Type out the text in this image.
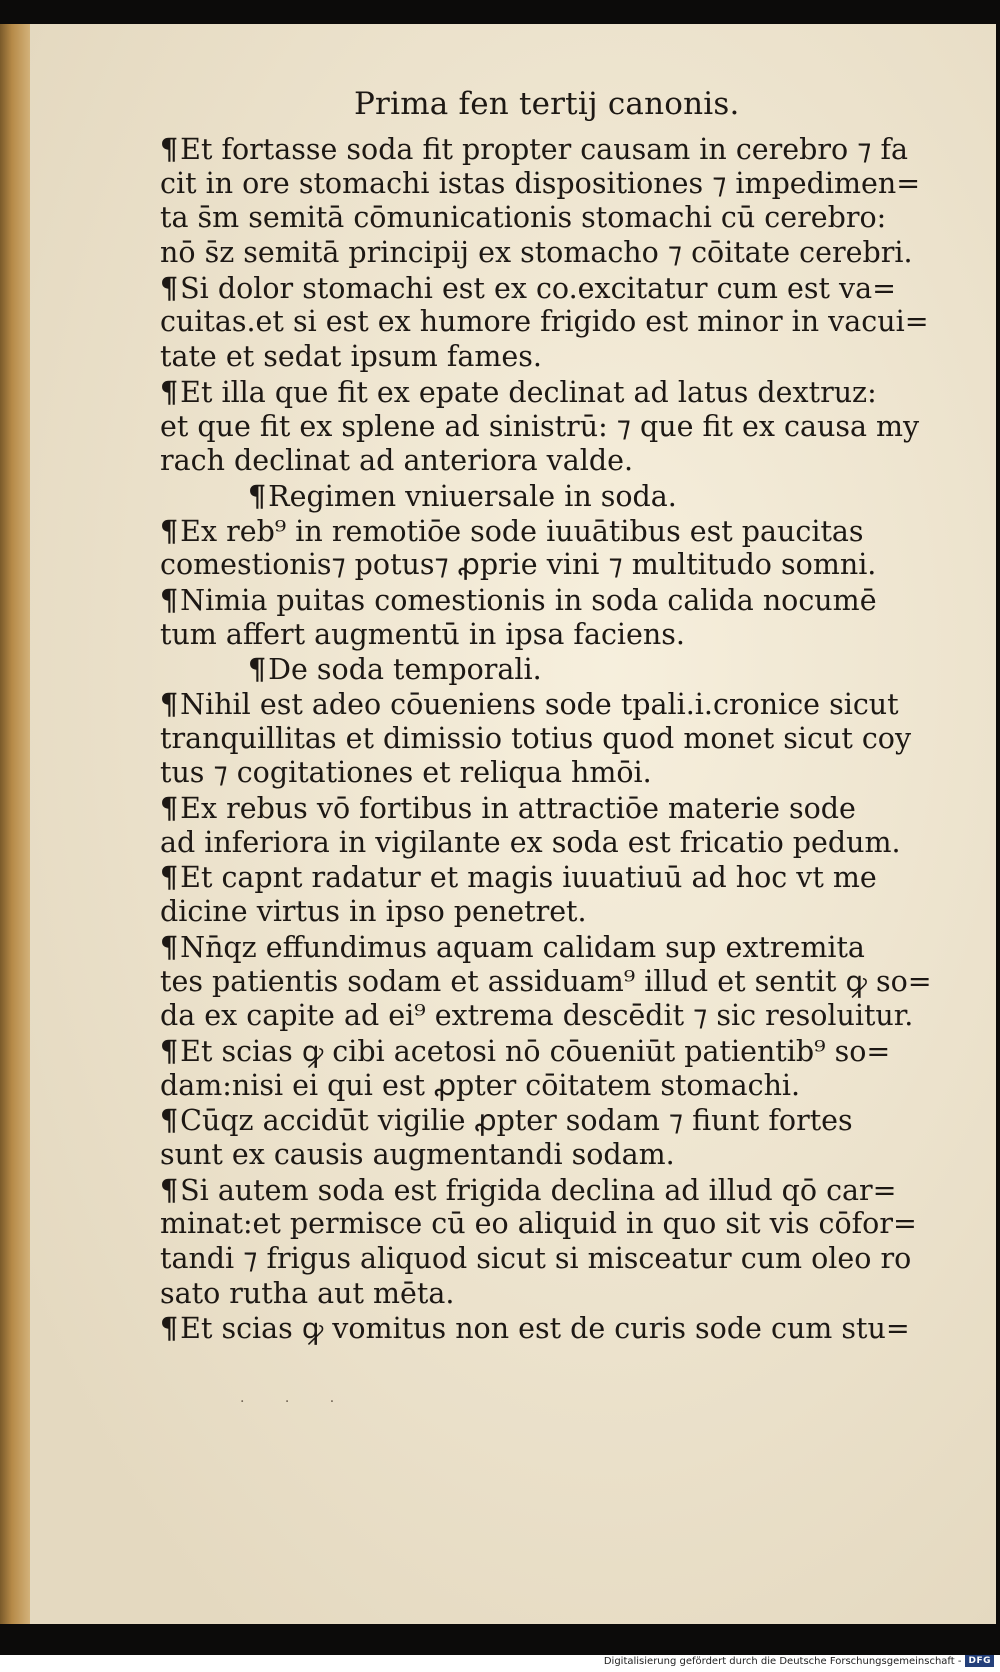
Prima fen tertij canonis.
¶Et fortasse soda fit propter causam in cerebro ⁊ fa
cit in ore stomachi istas dispositiones ⁊ impedimen=
ta s̄m semitā cōmunicationis stomachi cū cerebro:
nō s̄z semitā principij ex stomacho ⁊ cōitate cerebri.
¶Si dolor stomachi est ex co.excitatur cum est va=
cuitas.et si est ex humore frigido est minor in vacui=
tate et sedat ipsum fames.
¶Et illa que fit ex epate declinat ad latus dextruz:
et que fit ex splene ad sinistrū: ⁊ que fit ex causa my
rach declinat ad anteriora valde.
¶Regimen vniuersale in soda.
¶Ex reb⁹ in remotiōe sode iuuātibus est paucitas
comestionis⁊ potus⁊ ꝓprie vini ⁊ multitudo somni.
¶Nimia puitas comestionis in soda calida nocumē
tum affert augmentū in ipsa faciens.
¶De soda temporali.
¶Nihil est adeo cōueniens sode tpali.i.cronice sicut
tranquillitas et dimissio totius quod monet sicut coy
tus ⁊ cogitationes et reliqua hmōi.
¶Ex rebus vō fortibus in attractiōe materie sode
ad inferiora in vigilante ex soda est fricatio pedum.
¶Et capnt radatur et magis iuuatiuū ad hoc vt me
dicine virtus in ipso penetret.
¶Nn̄qz effundimus aquam calidam sup extremita
tes patientis sodam et assiduam⁹ illud et sentit ꝙ so=
da ex capite ad ei⁹ extrema descēdit ⁊ sic resoluitur.
¶Et scias ꝙ cibi acetosi nō cōueniūt patientib⁹ so=
dam:nisi ei qui est ꝓpter cōitatem stomachi.
¶Cūqz accidūt vigilie ꝓpter sodam ⁊ fiunt fortes
sunt ex causis augmentandi sodam.
¶Si autem soda est frigida declina ad illud qō car=
minat:et permisce cū eo aliquid in quo sit vis cōfor=
tandi ⁊ frigus aliquod sicut si misceatur cum oleo ro
sato rutha aut mēta.
¶Et scias ꝙ vomitus non est de curis sode cum stu=
· · ·
Digitalisierung gefördert durch die Deutsche Forschungsgemeinschaft - DFG
